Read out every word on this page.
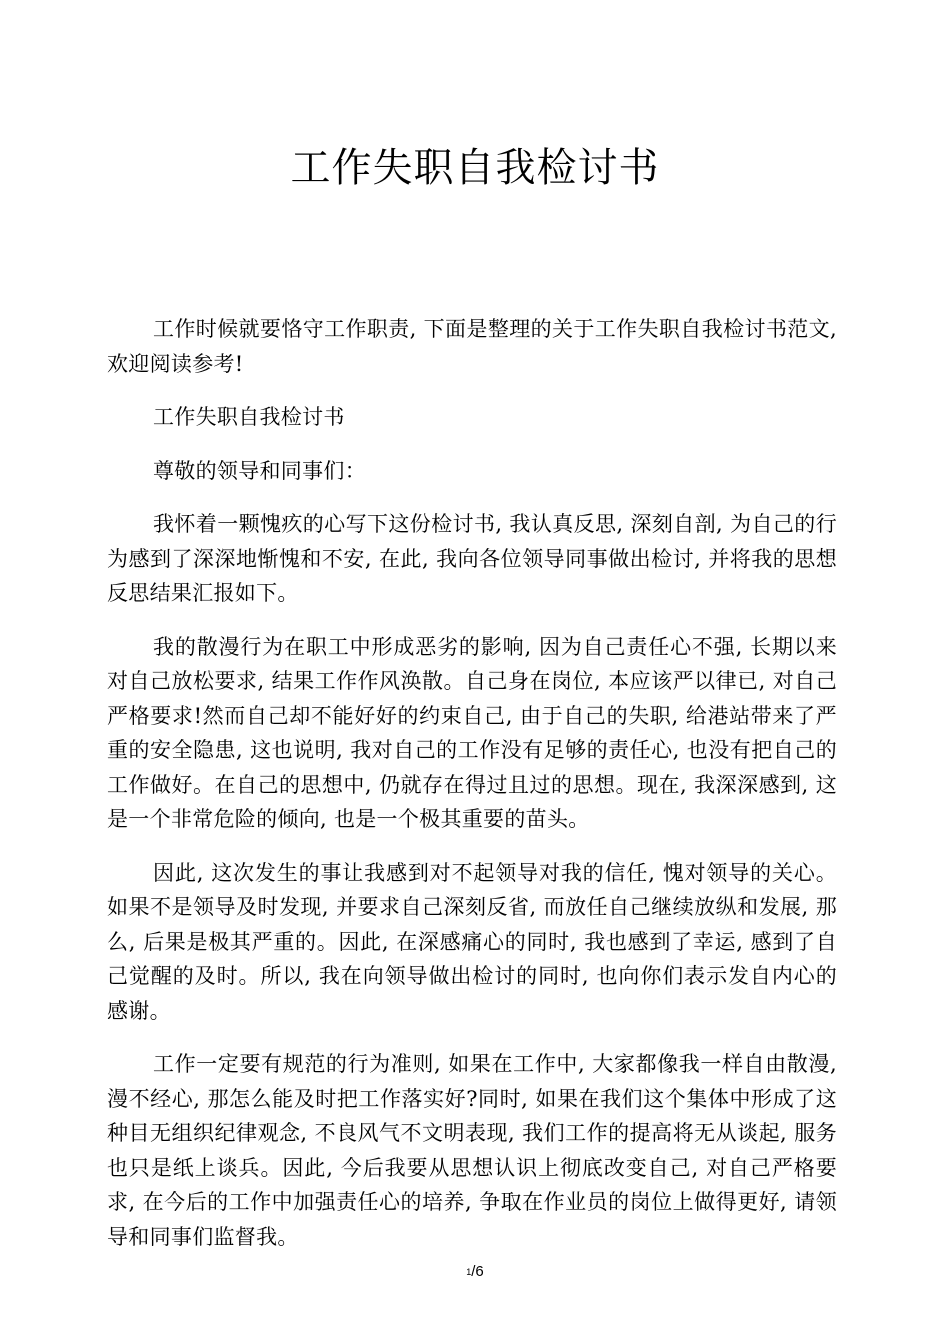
工作失职自我检讨书

工作时候就要恪守工作职责, 下面是整理的关于工作失职自我检讨书范文, 欢迎阅读参考!

工作失职自我检讨书

尊敬的领导和同事们：

我怀着一颗愧疚的心写下这份检讨书, 我认真反思, 深刻自剖, 为自己的行为感到了深深地惭愧和不安, 在此, 我向各位领导同事做出检讨, 并将我的思想反思结果汇报如下。

我的散漫行为在职工中形成恶劣的影响, 因为自己责任心不强, 长期以来对自己放松要求, 结果工作作风涣散。自己身在岗位, 本应该严以律已, 对自己严格要求!然而自己却不能好好的约束自己, 由于自己的失职, 给港站带来了严重的安全隐患, 这也说明, 我对自己的工作没有足够的责任心, 也没有把自己的工作做好。在自己的思想中, 仍就存在得过且过的思想。现在, 我深深感到, 这是一个非常危险的倾向, 也是一个极其重要的苗头。

因此, 这次发生的事让我感到对不起领导对我的信任, 愧对领导的关心。如果不是领导及时发现, 并要求自己深刻反省, 而放任自己继续放纵和发展, 那么, 后果是极其严重的。因此, 在深感痛心的同时, 我也感到了幸运, 感到了自己觉醒的及时。所以, 我在向领导做出检讨的同时, 也向你们表示发自内心的感谢。

工作一定要有规范的行为准则, 如果在工作中, 大家都像我一样自由散漫, 漫不经心, 那怎么能及时把工作落实好?同时, 如果在我们这个集体中形成了这种目无组织纪律观念, 不良风气不文明表现, 我们工作的提高将无从谈起, 服务也只是纸上谈兵。因此, 今后我要从思想认识上彻底改变自己, 对自己严格要求, 在今后的工作中加强责任心的培养, 争取在作业员的岗位上做得更好, 请领导和同事们监督我。

1/6
